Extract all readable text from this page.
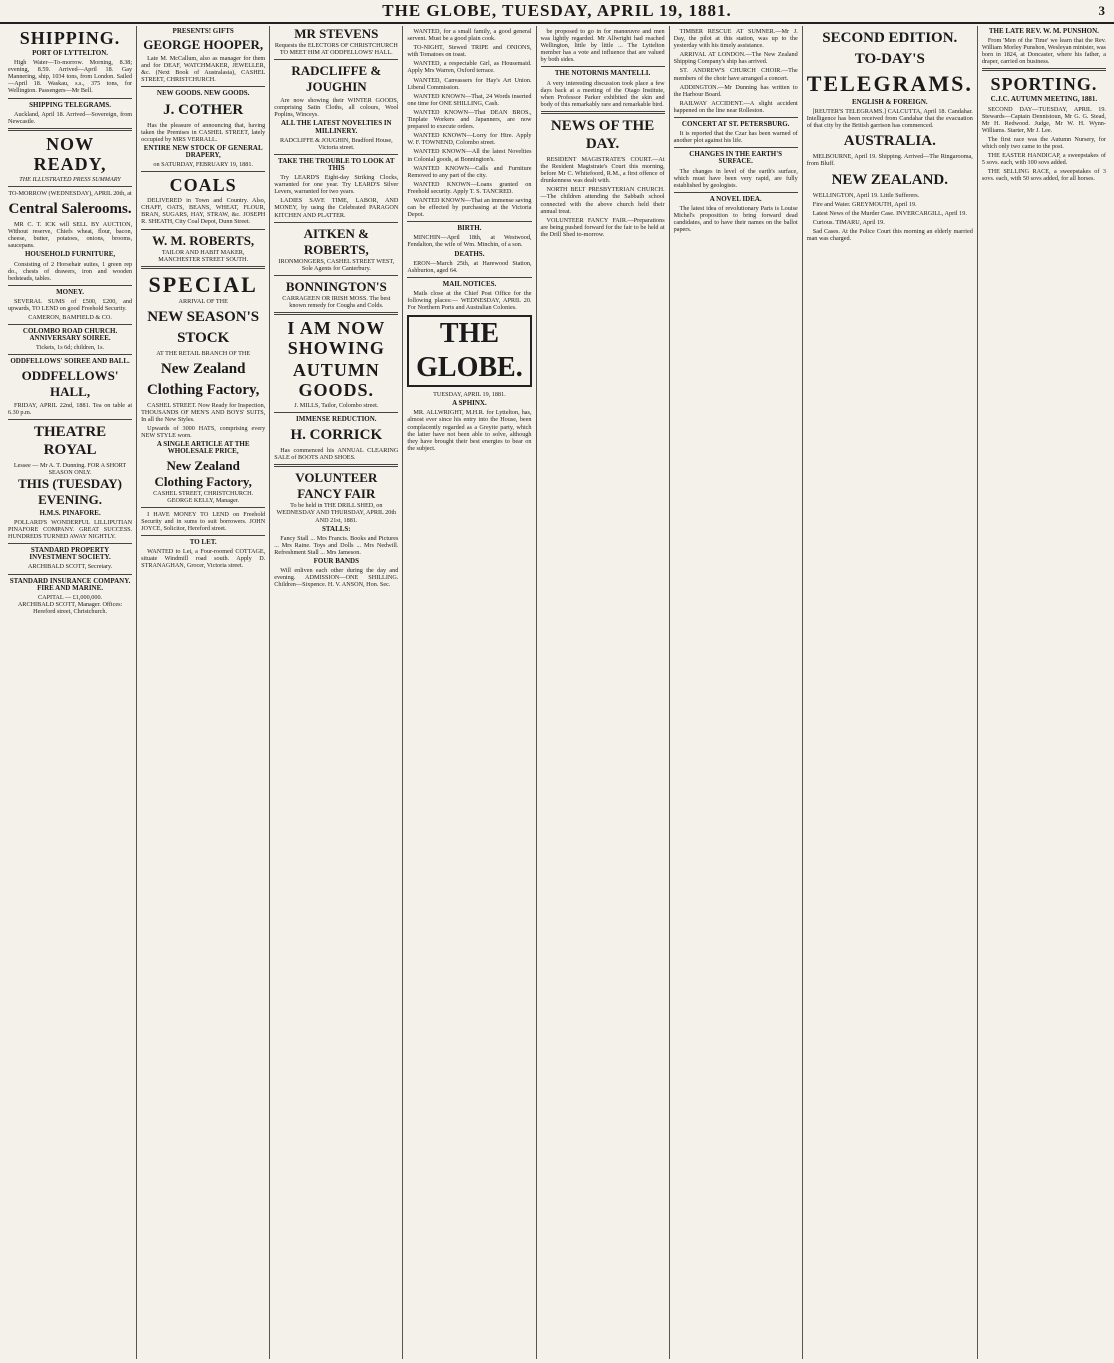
THE GLOBE, TUESDAY, APRIL 19, 1881.	3
SHIPPING.
PORT OF LYTTELTON.
High Water—To-morrow. Morning, 8.38; evening, 8.59. Arrived—April 18. Gay Mannering, ship, 1034 tons, from London. Sailed—April 18. Waskau, s.s., 375 tons, for Wellington. Passengers—Mr Bell.
SHIPPING TELEGRAMS.
Auckland, April 18. Arrived—Sovereign, from Newcastle.
NOW READY,
THE ILLUSTRATED PRESS SUMMARY
TO-MORROW (WEDNESDAY), APRIL 20th, at
Central Salerooms.
MR C. T. ICK will SELL BY AUCTION, Without reserve, Chiefs wheat, flour, bacon, cheese, butter, potatoes, onions, brooms, saucepans.
HOUSEHOLD FURNITURE,
Consisting of 2 Horsehair suites, 1 green rep do., chests of drawers, iron and wooden bedsteads, tables.
MONEY.
SEVERAL SUMS of £500, £200, and upwards, TO LEND on good Freehold Security.
CAMERON, BAMFIELD & CO.
COLOMBO ROAD CHURCH. ANNIVERSARY SOIREE.
Tickets, 1s 6d; children, 1s.
ODDFELLOWS' SOIREE AND BALL.
ODDFELLOWS' HALL,
FRIDAY, APRIL 22nd, 1881. Tea on table at 6.30 p.m.
THEATRE ROYAL
Lessee — Mr A. T. Dunning. FOR A SHORT SEASON ONLY.
THIS (TUESDAY) EVENING.
H.M.S. PINAFORE.
POLLARD'S WONDERFUL LILLIPUTIAN PINAFORE COMPANY. GREAT SUCCESS. HUNDREDS TURNED AWAY NIGHTLY.
STANDARD PROPERTY INVESTMENT SOCIETY.
ARCHIBALD SCOTT, Secretary.
STANDARD INSURANCE COMPANY. FIRE AND MARINE.
CAPITAL — £1,000,000.
ARCHIBALD SCOTT, Manager. Offices: Hereford street, Christchurch.
PRESENTS! GIFTS
GEORGE HOOPER,
Late M. McCallum, also as manager for them and for DEAF, WATCHMAKER, JEWELLER, &c. (Next Book of Australasia), CASHEL STREET, CHRISTCHURCH.
NEW GOODS. NEW GOODS.
J. COTHER
Has the pleasure of announcing that, having taken the Premises in CASHEL STREET, lately occupied by MRS VERRALL.
ENTIRE NEW STOCK OF GENERAL DRAPERY,
on SATURDAY, FEBRUARY 19, 1881.
COALS
DELIVERED in Town and Country. Also, CHAFF, OATS, BEANS, WHEAT, FLOUR, BRAN, SUGARS, HAY, STRAW, &c. JOSEPH R. SHEATH, City Coal Depot, Dunn Street.
W. M. ROBERTS,
TAILOR AND HABIT MAKER, MANCHESTER STREET SOUTH.
SPECIAL
ARRIVAL OF THE
NEW SEASON'S
STOCK
AT THE RETAIL BRANCH OF THE
New Zealand
Clothing Factory,
CASHEL STREET. Now Ready for Inspection, THOUSANDS OF MEN'S AND BOYS' SUITS, In all the New Styles.
Upwards of 3000 HATS, comprising every NEW STYLE worn.
A SINGLE ARTICLE AT THE WHOLESALE PRICE,
New Zealand Clothing Factory,
CASHEL STREET, CHRISTCHURCH. GEORGE KELLY, Manager.
I HAVE MONEY TO LEND on Freehold Security and in sums to suit borrowers. JOHN JOYCE, Solicitor, Hereford street.
TO LET.
WANTED to Let, a Four-roomed COTTAGE, situate Windmill road south. Apply D. STRANAGHAN, Grocer, Victoria street.
MR STEVENS
Requests the ELECTORS OF CHRISTCHURCH TO MEET HIM AT ODDFELLOWS' HALL.
RADCLIFFE & JOUGHIN
Are now showing their WINTER GOODS, comprising Satin Cloths, all colours, Wool Poplins, Winceys.
ALL THE LATEST NOVELTIES IN MILLINERY.
RADCLIFFE & JOUGHIN, Bradford House, Victoria street.
TAKE THE TROUBLE TO LOOK AT THIS
Try LEARD'S Eight-day Striking Clocks, warranted for one year. Try LEARD'S Silver Levers, warranted for two years.
LADIES SAVE TIME, LABOR, AND MONEY, by using the Celebrated PARAGON KITCHEN AND PLATTER.
AITKEN & ROBERTS,
IRONMONGERS, CASHEL STREET WEST, Sole Agents for Canterbury.
BONNINGTON'S
CARRAGEEN OR IRISH MOSS. The best known remedy for Coughs and Colds.
I AM NOW SHOWING
AUTUMN GOODS.
J. MILLS, Tailor, Colombo street.
IMMENSE REDUCTION.
H. CORRICK
Has commenced his ANNUAL CLEARING SALE of BOOTS AND SHOES.
VOLUNTEER FANCY FAIR
To be held in THE DRILL SHED, on WEDNESDAY AND THURSDAY, APRIL 20th AND 21st, 1881.
STALLS:
Fancy Stall ... Mrs Francis. Books and Pictures ... Mrs Raine. Toys and Dolls ... Mrs Nedwill. Refreshment Stall ... Mrs Jameson.
FOUR BANDS
Will enliven each other during the day and evening. ADMISSION—ONE SHILLING. Children—Sixpence. H. V. ANSON, Hon. Sec.
WANTED, for a small family, a good general servent. Must be a good plain cook.
TO-NIGHT, Stewed TRIPE and ONIONS, with Tomatoes on toast.
WANTED, a respectable Girl, as Housemaid. Apply Mrs Warren, Oxford terrace.
WANTED, Canvassers for Hay's Art Union. Liberal Commission.
WANTED KNOWN—That, 24 Words inserted one time for ONE SHILLING, Cash.
WANTED KNOWN—That DEAN BROS., Tinplate Workers and Japanners, are now prepared to execute orders.
WANTED KNOWN—Lorry for Hire. Apply W. F. TOWNEND, Colombo street.
WANTED KNOWN—All the latest Novelties in Colonial goods, at Bonnington's.
WANTED KNOWN—Calls and Furniture Removed to any part of the city.
WANTED KNOWN—Loans granted on Freehold security. Apply T. S. TANCRED.
WANTED KNOWN—That an immense saving can be effected by purchasing at the Victoria Depot.
BIRTH.
MINCHIN—April 18th, at Westwood, Fendalton, the wife of Wm. Minchin, of a son.
DEATHS.
ERON—March 25th, at Harewood Station, Ashburton, aged 64.
MAIL NOTICES.
Mails close at the Chief Post Office for the following places:— WEDNESDAY, APRIL 20. For Northern Ports and Australian Colonies.
THE GLOBE.
TUESDAY, APRIL 19, 1881.
A SPHINX.
MR. ALLWRIGHT, M.H.R. for Lyttelton, has, almost ever since his entry into the House, been complacently regarded as a Greyite party, which the latter have not been able to solve, although they have brought their best energies to bear on the subject.
be proposed to go in for manœuvre and men was lightly regarded. Mr Allwright had reached Wellington, little by little ... The Lyttelton member has a vote and influence that are valued by both sides.
THE NOTORNIS MANTELLI.
A very interesting discussion took place a few days back at a meeting of the Otago Institute, when Professor Parker exhibited the skin and body of this remarkably rare and remarkable bird.
NEWS OF THE DAY.
RESIDENT MAGISTRATE'S COURT.—At the Resident Magistrate's Court this morning, before Mr C. Whitefoord, R.M., a first offence of drunkenness was dealt with.
NORTH BELT PRESBYTERIAN CHURCH.—The children attending the Sabbath school connected with the above church held their annual treat.
VOLUNTEER FANCY FAIR.—Preparations are being pushed forward for the fair to be held at the Drill Shed to-morrow.
TIMBER RESCUE AT SUMNER.—Mr J. Day, the pilot at this station, was up to the yesterday with his timely assistance.
ARRIVAL AT LONDON.—The New Zealand Shipping Company's ship has arrived.
ST. ANDREW'S CHURCH CHOIR.—The members of the choir have arranged a concert.
ADDINGTON.—Mr Dunning has written to the Harbour Board.
RAILWAY ACCIDENT.—A slight accident happened on the line near Rolleston.
CONCERT AT ST. PETERSBURG.
It is reported that the Czar has been warned of another plot against his life.
CHANGES IN THE EARTH'S SURFACE.
The changes in level of the earth's surface, which must have been very rapid, are fully established by geologists.
A NOVEL IDEA.
The latest idea of revolutionary Paris is Louise Michel's proposition to bring forward dead candidates, and to have their names on the ballot papers.
SECOND EDITION.
TO-DAY'S
TELEGRAMS.
ENGLISH & FOREIGN.
[REUTER'S TELEGRAMS.] CALCUTTA, April 18. Candahar. Intelligence has been received from Candahar that the evacuation of that city by the British garrison has commenced.
AUSTRALIA.
MELBOURNE, April 19. Shipping. Arrived—The Ringarooma, from Bluff.
NEW ZEALAND.
WELLINGTON, April 19. Little Sufferers.
Fire and Water. GREYMOUTH, April 19.
Latest News of the Murder Case. INVERCARGILL, April 19.
Curious. TIMARU, April 19.
Sad Cases. At the Police Court this morning an elderly married man was charged.
THE LATE REV. W. M. PUNSHON.
From 'Men of the Time' we learn that the Rev. William Morley Punshon, Wesleyan minister, was born in 1824, at Doncaster, where his father, a draper, carried on business.
SPORTING.
C.J.C. AUTUMN MEETING, 1881.
SECOND DAY—TUESDAY, APRIL 19. Stewards—Captain Dennistoun, Mr G. G. Stead, Mr H. Redwood. Judge, Mr W. H. Wynn-Williams. Starter, Mr J. Lee.
The first race was the Autumn Nursery, for which only two came to the post.
THE EASTER HANDICAP, a sweepstakes of 5 sovs. each, with 100 sovs added.
THE SELLING RACE, a sweepstakes of 3 sovs. each, with 50 sovs added, for all horses.
